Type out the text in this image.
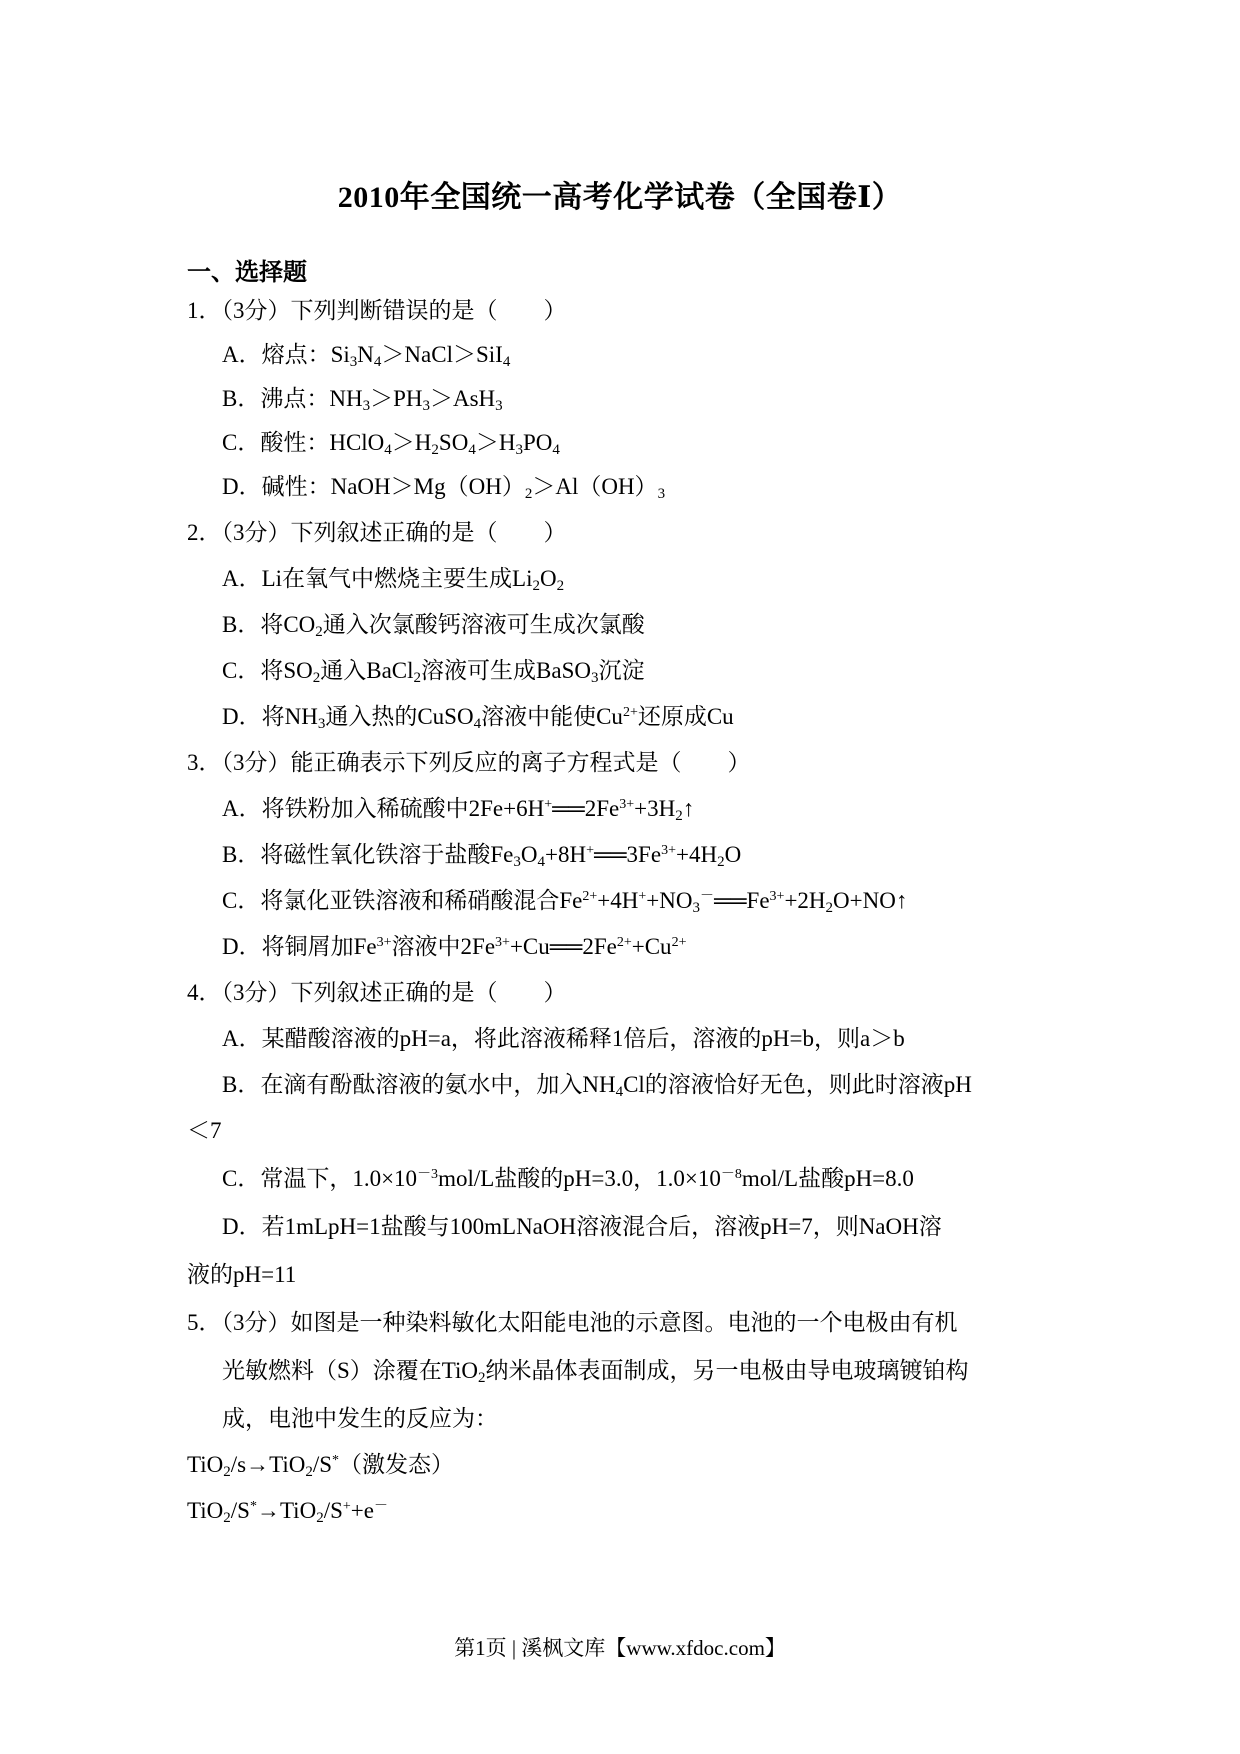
2010年全国统一高考化学试卷（全国卷Ⅰ）
一、选择题
1．（3分）下列判断错误的是（　　）
A．熔点：$Si_3N_4>NaCl>SiI_4$
B．沸点：$NH_3>PH_3>AsH_3$
C．酸性：$HClO_4>H_2SO_4>H_3PO_4$
D．碱性：$NaOH>Mg(OH)_2>Al(OH)_3$
2．（3分）下列叙述正确的是（　　）
A．Li在氧气中燃烧主要生成$Li_2O_2$
B．将$CO_2$通入次氯酸钙溶液可生成次氯酸
C．将$SO_2$通入BaCl$_2$溶液可生成BaSO$_3$沉淀
D．将$NH_3$通入热的CuSO$_4$溶液中能使$Cu^{2+}$还原成Cu
3．（3分）能正确表示下列反应的离子方程式是（　　）
A．将铁粉加入稀硫酸中$2Fe+6H^+══2Fe^{3+}+3H_2↑$
B．将磁性氧化铁溶于盐酸$Fe_3O_4+8H^+══3Fe^{3+}+4H_2O$
C．将氯化亚铁溶液和稀硝酸混合$Fe^{2+}+4H^++NO_3^-══Fe^{3+}+2H_2O+NO↑$
D．将铜屑加$Fe^{3+}$溶液中$2Fe^{3+}+Cu══2Fe^{2+}+Cu^{2+}$
4．（3分）下列叙述正确的是（　　）
A．某醋酸溶液的pH=a，将此溶液稀释1倍后，溶液的pH=b，则a＞b
B．在滴有酚酞溶液的氨水中，加入$NH_4Cl$的溶液恰好无色，则此时溶液pH
＜7
C．常温下，$1.0\times 10^{-3}mol/L$盐酸的pH=3.0，$1.0\times 10^{-8}mol/L$盐酸pH=8.0
D．若1mLpH=1盐酸与100mLNaOH溶液混合后，溶液pH=7，则NaOH溶
液的pH=11
5．（3分）如图是一种染料敏化太阳能电池的示意图。电池的一个电极由有机
光敏燃料（S）涂覆在TiO$_2$纳米晶体表面制成，另一电极由导电玻璃镀铂构
成，电池中发生的反应为：
TiO$_2$/s→TiO$_2$/S*（激发态）
TiO$_2$/S*→TiO$_2$/S++e－
第1页 | 溪枫文库【www.xfdoc.com】
